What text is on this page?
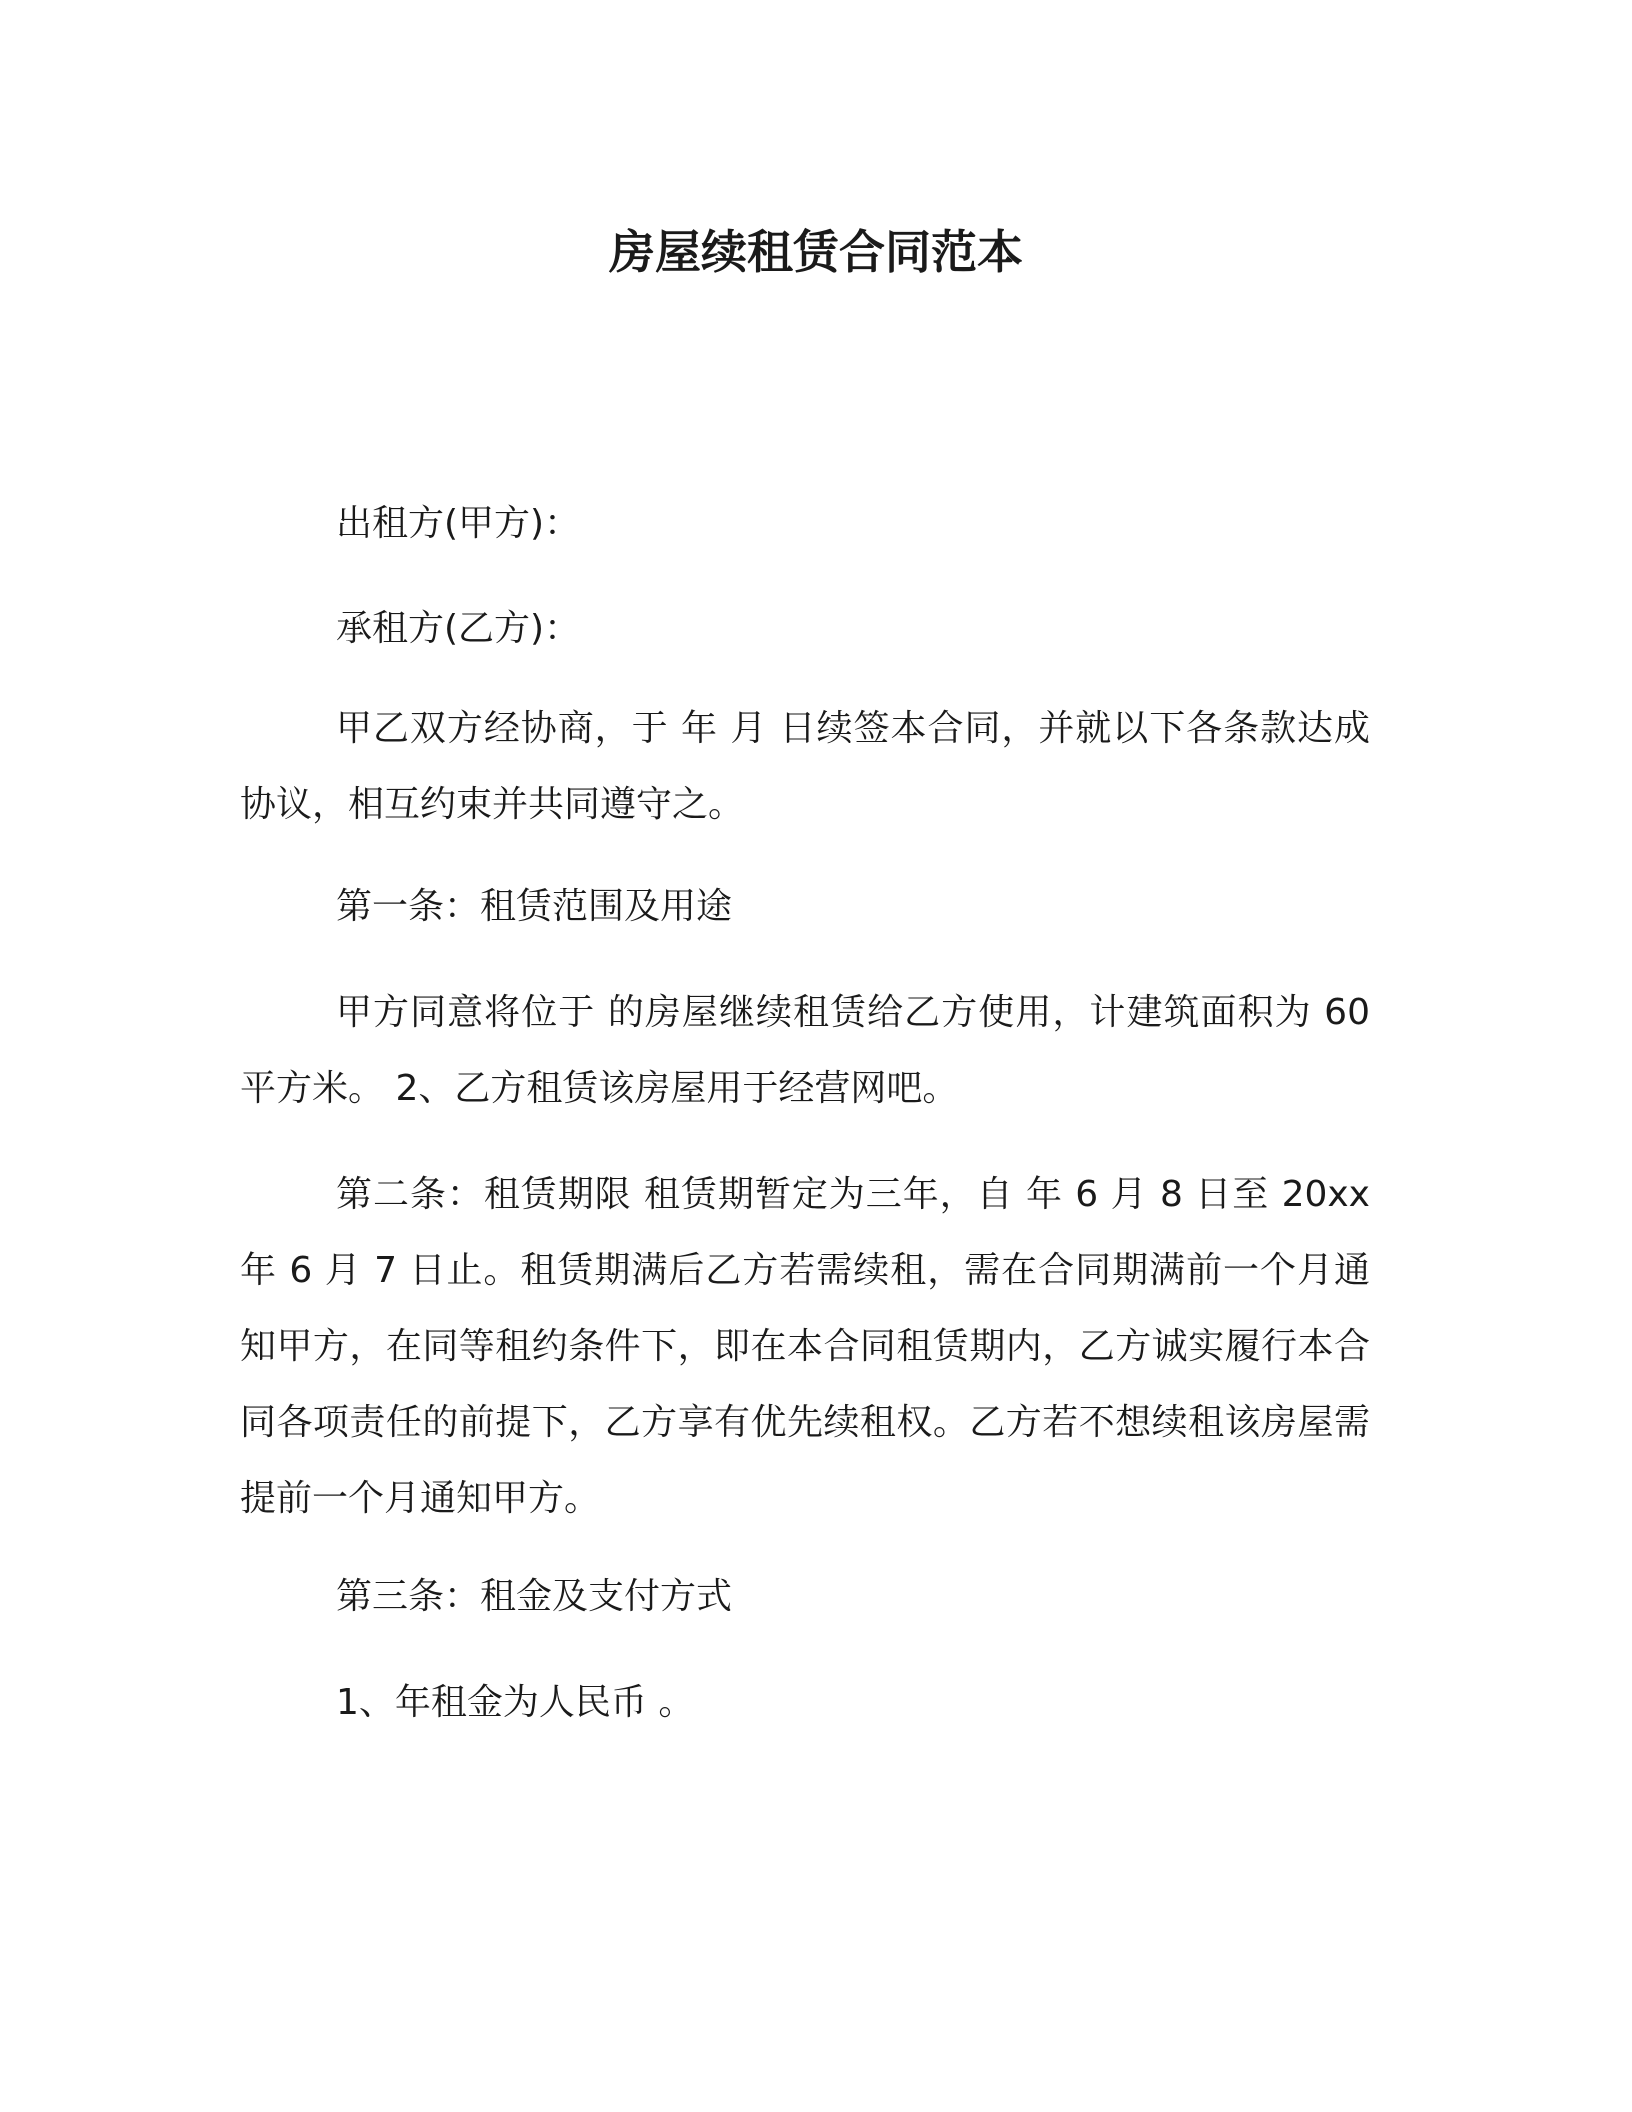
房屋续租赁合同范本

出租方(甲方)：

承租方(乙方)：

甲乙双方经协商，于 年 月 日续签本合同，并就以下各条款达成协议，相互约束并共同遵守之。

第一条：租赁范围及用途

甲方同意将位于 的房屋继续租赁给乙方使用，计建筑面积为 60 平方米。 2、乙方租赁该房屋用于经营网吧。

第二条：租赁期限 租赁期暂定为三年，自 年 6 月 8 日至 20xx 年 6 月 7 日止。租赁期满后乙方若需续租，需在合同期满前一个月通知甲方，在同等租约条件下，即在本合同租赁期内，乙方诚实履行本合同各项责任的前提下，乙方享有优先续租权。乙方若不想续租该房屋需提前一个月通知甲方。

第三条：租金及支付方式

1、年租金为人民币 。
